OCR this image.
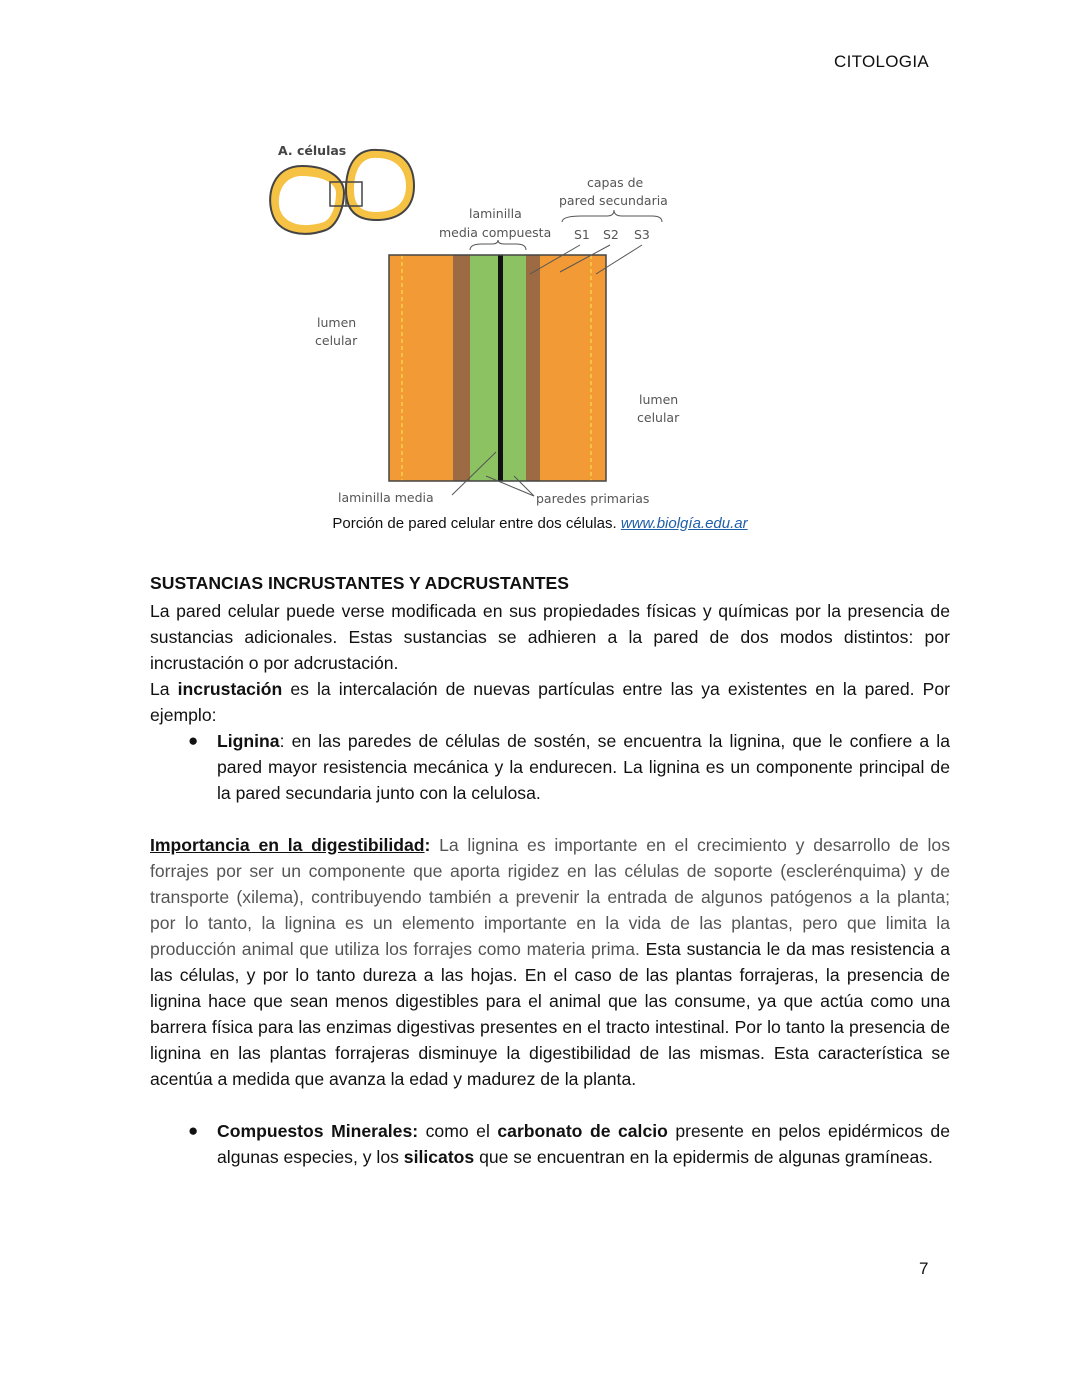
CITOLOGIA
A. células
capas de
pared secundaria
laminilla
media compuesta S1 S2 S3
lumen
celular
lumen
celular
laminilla media	paredes primarias
Porción de pared celular entre dos células. www.biolgía.edu.ar
SUSTANCIAS INCRUSTANTES Y ADCRUSTANTES

La pared celular puede verse modificada en sus propiedades físicas y químicas por la presencia de sustancias adicionales. Estas sustancias se adhieren a la pared de dos modos distintos: por incrustación o por adcrustación.

La incrustación es la intercalación de nuevas partículas entre las ya existentes en la pared. Por ejemplo:

● Lignina: en las paredes de células de sostén, se encuentra la lignina, que le confiere a la pared mayor resistencia mecánica y la endurecen. La lignina es un componente principal de la pared secundaria junto con la celulosa.

Importancia en la digestibilidad: La lignina es importante en el crecimiento y desarrollo de los forrajes por ser un componente que aporta rigidez en las células de soporte (esclerénquima) y de transporte (xilema), contribuyendo también a prevenir la entrada de algunos patógenos a la planta; por lo tanto, la lignina es un elemento importante en la vida de las plantas, pero que limita la producción animal que utiliza los forrajes como materia prima. Esta sustancia le da mas resistencia a las células, y por lo tanto dureza a las hojas. En el caso de las plantas forrajeras, la presencia de lignina hace que sean menos digestibles para el animal que las consume, ya que actúa como una barrera física para las enzimas digestivas presentes en el tracto intestinal. Por lo tanto la presencia de lignina en las plantas forrajeras disminuye la digestibilidad de las mismas. Esta característica se acentúa a medida que avanza la edad y madurez de la planta.

● Compuestos Minerales: como el carbonato de calcio presente en pelos epidérmicos de algunas especies, y los silicatos que se encuentran en la epidermis de algunas gramíneas.
7
